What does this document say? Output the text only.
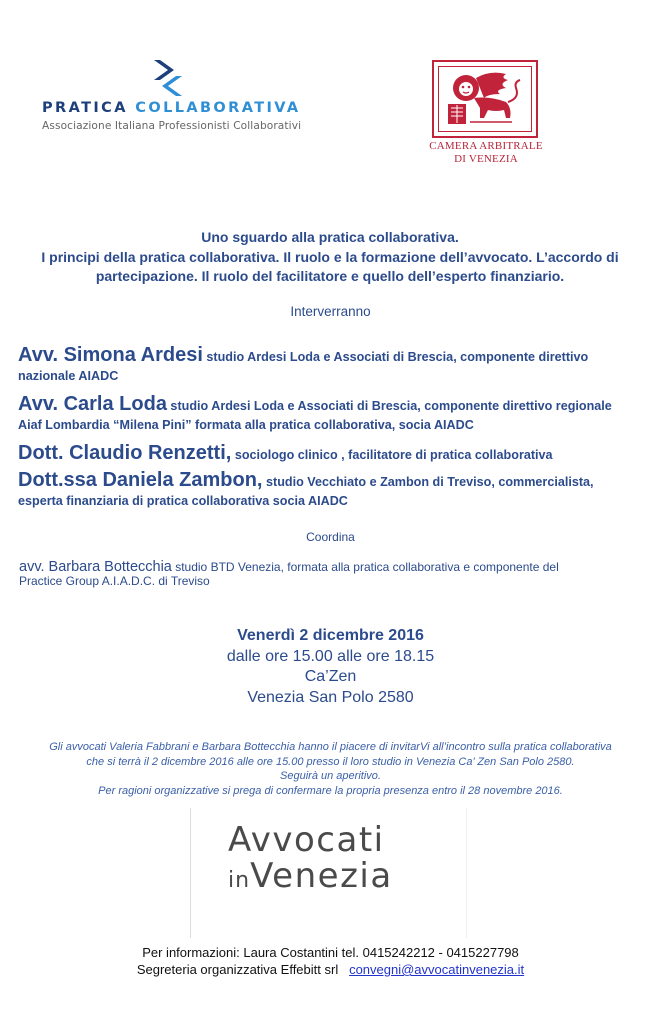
PRATICA COLLABORATIVA
Associazione Italiana Professionisti Collaborativi
CAMERA ARBITRALE
DI VENEZIA
Uno sguardo alla pratica collaborativa.
I principi della pratica collaborativa. Il ruolo e la formazione dell’avvocato. L’accordo di
partecipazione. Il ruolo del facilitatore e quello dell’esperto finanziario.
Interverranno
Avv. Simona Ardesi studio Ardesi Loda e Associati di Brescia, componente direttivo
nazionale AIADC
Avv. Carla Loda studio Ardesi Loda e Associati di Brescia, componente direttivo regionale
Aiaf Lombardia “Milena Pini” formata alla pratica collaborativa, socia AIADC
Dott. Claudio Renzetti, sociologo clinico , facilitatore di pratica collaborativa
Dott.ssa Daniela Zambon, studio Vecchiato e Zambon di Treviso, commercialista,
esperta finanziaria di pratica collaborativa socia AIADC
Coordina
avv. Barbara Bottecchia studio BTD Venezia, formata alla pratica collaborativa e componente del
Practice Group A.I.A.D.C. di Treviso
Venerdì 2 dicembre 2016
dalle ore 15.00 alle ore 18.15
Ca’Zen
Venezia San Polo 2580
Gli avvocati Valeria Fabbrani e Barbara Bottecchia hanno il piacere di invitarVi all’incontro sulla pratica collaborativa
che si terrà il 2 dicembre 2016 alle ore 15.00 presso il loro studio in Venezia Ca’ Zen San Polo 2580.
Seguirà un aperitivo.
Per ragioni organizzative si prega di confermare la propria presenza entro il 28 novembre 2016.
Avvocati
inVenezia
Per informazioni: Laura Costantini tel. 0415242212 - 0415227798
Segreteria organizzativa Effebitt srl convegni@avvocatinvenezia.it
